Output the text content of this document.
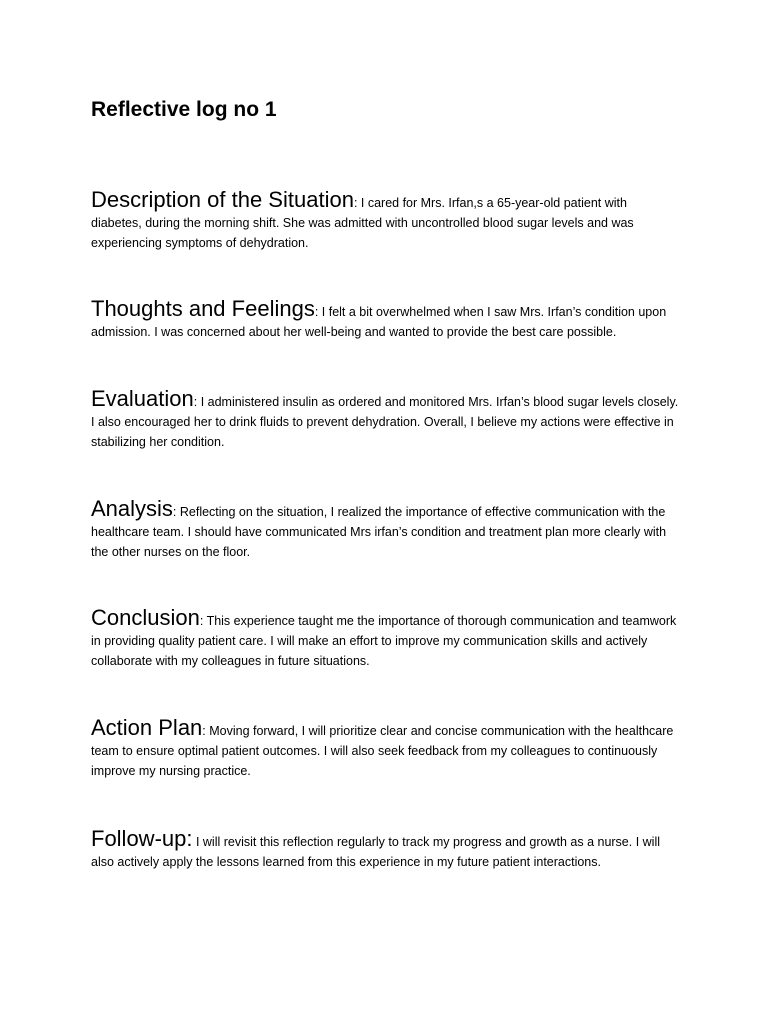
Reflective log no 1

Description of the Situation: I cared for Mrs. Irfan,s a 65-year-old patient with diabetes, during the morning shift. She was admitted with uncontrolled blood sugar levels and was experiencing symptoms of dehydration.

Thoughts and Feelings: I felt a bit overwhelmed when I saw Mrs. Irfan’s condition upon admission. I was concerned about her well-being and wanted to provide the best care possible.

Evaluation: I administered insulin as ordered and monitored Mrs. Irfan’s blood sugar levels closely. I also encouraged her to drink fluids to prevent dehydration. Overall, I believe my actions were effective in stabilizing her condition.

Analysis: Reflecting on the situation, I realized the importance of effective communication with the healthcare team. I should have communicated Mrs irfan’s condition and treatment plan more clearly with the other nurses on the floor.

Conclusion: This experience taught me the importance of thorough communication and teamwork in providing quality patient care. I will make an effort to improve my communication skills and actively collaborate with my colleagues in future situations.

Action Plan: Moving forward, I will prioritize clear and concise communication with the healthcare team to ensure optimal patient outcomes. I will also seek feedback from my colleagues to continuously improve my nursing practice.

Follow-up: I will revisit this reflection regularly to track my progress and growth as a nurse. I will also actively apply the lessons learned from this experience in my future patient interactions.
